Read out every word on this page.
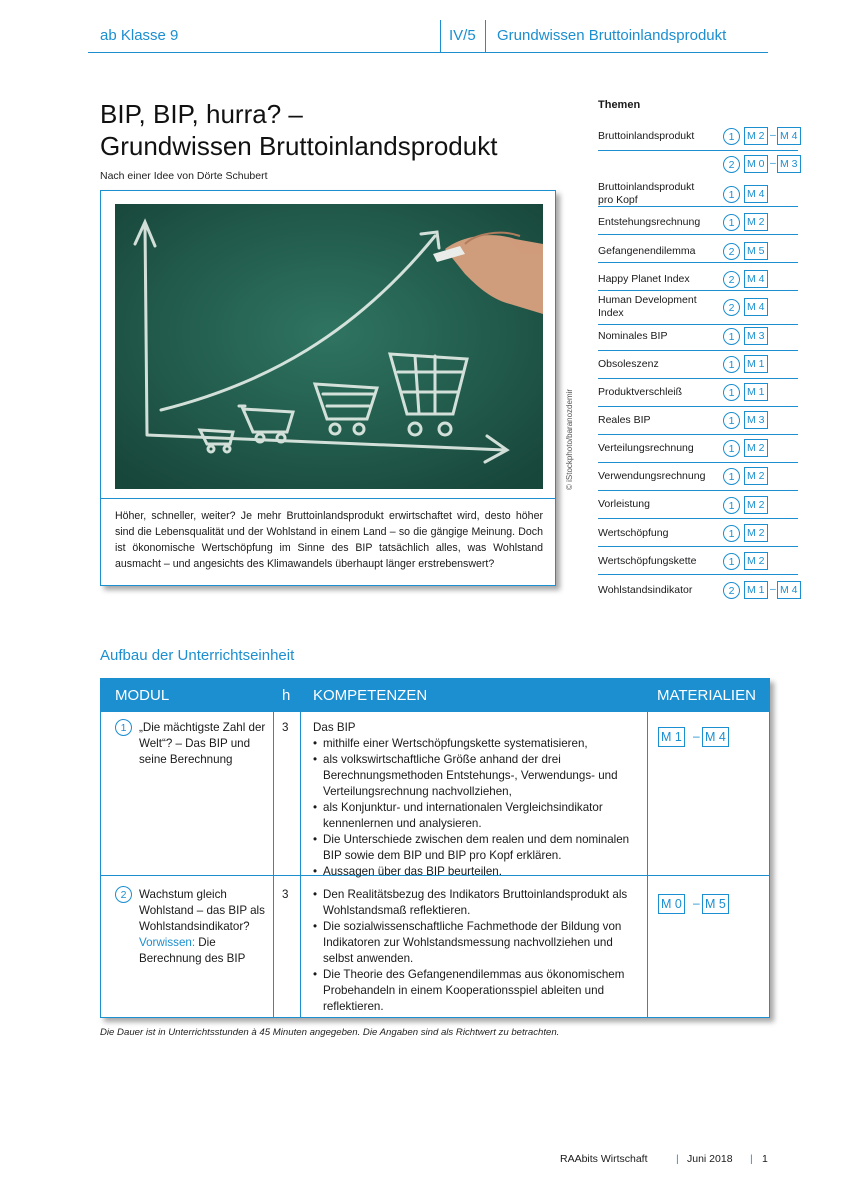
ab Klasse 9	IV/5 Grundwissen Bruttoinlandsprodukt
BIP, BIP, hurra? –
Grundwissen Bruttoinlandsprodukt
Nach einer Idee von Dörte Schubert
Höher, schneller, weiter? Je mehr Bruttoinlandsprodukt erwirtschaftet wird, desto höher sind die Lebensqualität und der Wohlstand in einem Land – so die gängige Meinung. Doch ist ökonomische Wertschöpfung im Sinne des BIP tatsächlich alles, was Wohlstand ausmacht – und angesichts des Klimawandels überhaupt länger erstrebenswert?
© iStockphoto/baranozdemir
Themen
Bruttoinlandsprodukt	1	M 2 – M 4
2	M 0 – M 3
Bruttoinlandsprodukt pro Kopf	1	M 4
Entstehungsrechnung	1	M 2
Gefangenendilemma	2	M 5
Happy Planet Index	2	M 4
Human Development Index	2	M 4
Nominales BIP	1	M 3
Obsoleszenz	1	M 1
Produktverschleiß	1	M 1
Reales BIP	1	M 3
Verteilungsrechnung	1	M 2
Verwendungsrechnung	1	M 2
Vorleistung	1	M 2
Wertschöpfung	1	M 2
Wertschöpfungskette	1	M 2
Wohlstandsindikator	2	M 1 – M 4
Aufbau der Unterrichtseinheit
MODUL	h KOMPETENZEN	MATERIALIEN
1	„Die mächtigste Zahl der Welt“? – Das BIP und seine Berechnung
3 Das BIP
• mithilfe einer Wertschöpfungskette systematisieren,
• als volkswirtschaftliche Größe anhand der drei Berechnungsmethoden Entstehungs-, Verwendungs- und Verteilungsrechnung nachvollziehen,
• als Konjunktur- und internationalen Vergleichsindikator kennenlernen und analysieren.
• Die Unterschiede zwischen dem realen und dem nominalen BIP sowie dem BIP und BIP pro Kopf erklären.
• Aussagen über das BIP beurteilen.
M 1 – M 4
2	Wachstum gleich Wohlstand – das BIP als Wohlstandsindikator?
Vorwissen: Die Berechnung des BIP
3
•	Den Realitätsbezug des Indikators Bruttoinlandsprodukt als Wohlstandsmaß reflektieren.
• Die sozialwissenschaftliche Fachmethode der Bildung von Indikatoren zur Wohlstandsmessung nachvollziehen und selbst anwenden.
• Die Theorie des Gefangenendilemmas aus ökonomischem Probehandeln in einem Kooperationsspiel ableiten und reflektieren.
M 0 – M 5
Die Dauer ist in Unterrichtsstunden à 45 Minuten angegeben. Die Angaben sind als Richtwert zu betrachten.
RAAbits Wirtschaft	| Juni 2018 | 1
